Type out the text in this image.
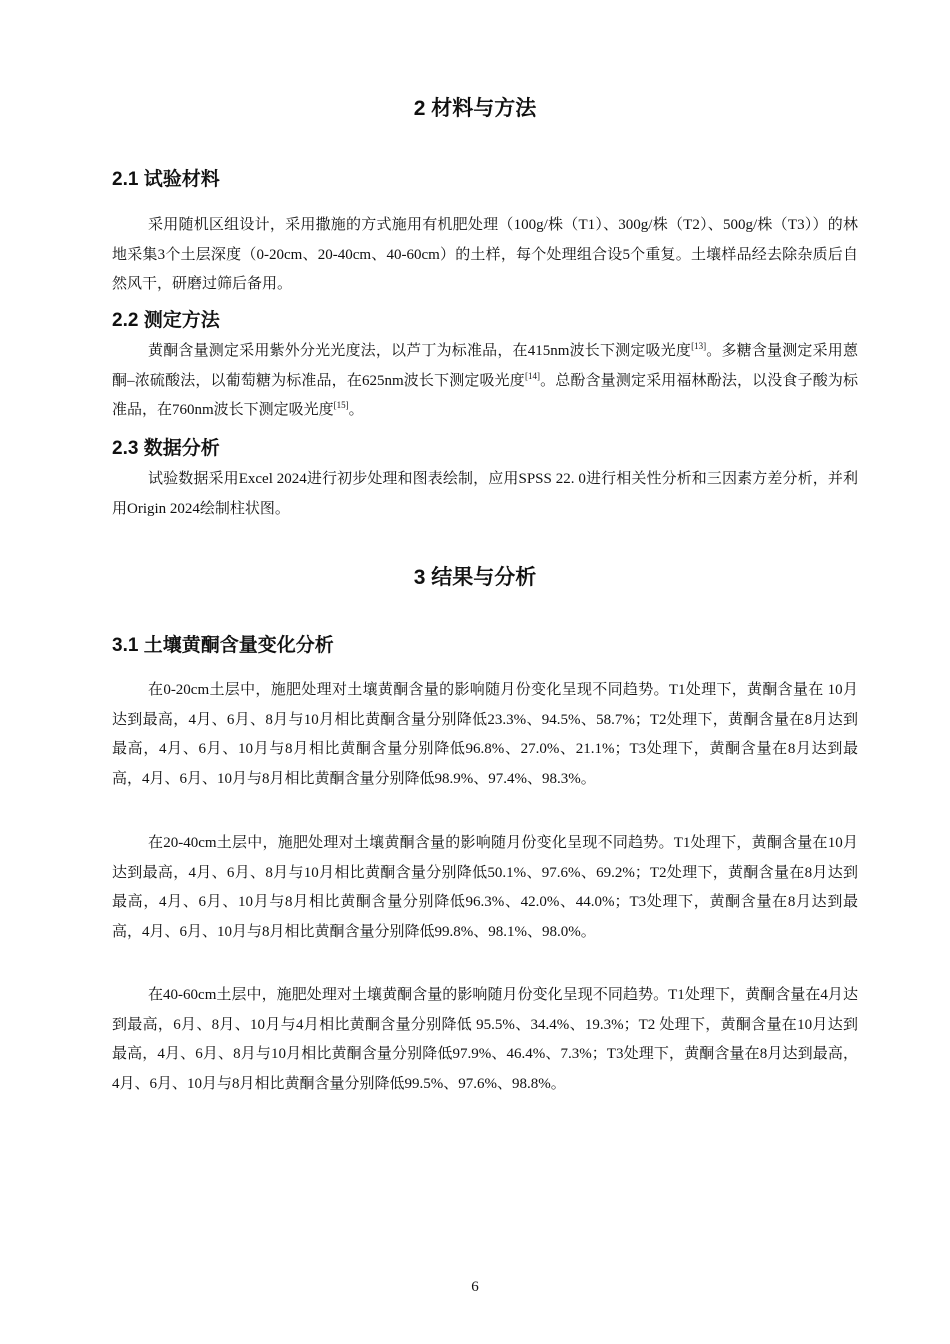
2 材料与方法
2.1 试验材料

采用随机区组设计，采用撒施的方式施用有机肥处理（100g/株（T1）、300g/株（T2）、500g/株（T3））的林地采集3个土层深度（0-20cm、20-40cm、40-60cm）的土样，每个处理组合设5个重复。土壤样品经去除杂质后自然风干，研磨过筛后备用。

2.2 测定方法

黄酮含量测定采用紫外分光光度法，以芦丁为标准品，在415nm波长下测定吸光度[13]。多糖含量测定采用蒽酮–浓硫酸法，以葡萄糖为标准品，在625nm波长下测定吸光度[14]。总酚含量测定采用福林酚法，以没食子酸为标准品，在760nm波长下测定吸光度[15]。

2.3 数据分析

试验数据采用Excel 2024进行初步处理和图表绘制，应用SPSS 22. 0进行相关性分析和三因素方差分析，并利用Origin 2024绘制柱状图。

3 结果与分析
3.1 土壤黄酮含量变化分析

在0-20cm土层中，施肥处理对土壤黄酮含量的影响随月份变化呈现不同趋势。T1处理下，黄酮含量在 10月达到最高，4月、6月、8月与10月相比黄酮含量分别降低23.3%、94.5%、58.7%；T2处理下，黄酮含量在8月达到最高，4月、6月、10月与8月相比黄酮含量分别降低96.8%、27.0%、21.1%；T3处理下，黄酮含量在8月达到最高，4月、6月、10月与8月相比黄酮含量分别降低98.9%、97.4%、98.3%。

在20-40cm土层中，施肥处理对土壤黄酮含量的影响随月份变化呈现不同趋势。T1处理下，黄酮含量在10月达到最高，4月、6月、8月与10月相比黄酮含量分别降低50.1%、97.6%、69.2%；T2处理下，黄酮含量在8月达到最高，4月、6月、10月与8月相比黄酮含量分别降低96.3%、42.0%、44.0%；T3处理下，黄酮含量在8月达到最高，4月、6月、10月与8月相比黄酮含量分别降低99.8%、98.1%、98.0%。

在40-60cm土层中，施肥处理对土壤黄酮含量的影响随月份变化呈现不同趋势。T1处理下，黄酮含量在4月达到最高，6月、8月、10月与4月相比黄酮含量分别降低 95.5%、34.4%、19.3%；T2 处理下，黄酮含量在10月达到最高，4月、6月、8月与10月相比黄酮含量分别降低97.9%、46.4%、7.3%；T3处理下，黄酮含量在8月达到最高，4月、6月、10月与8月相比黄酮含量分别降低99.5%、97.6%、98.8%。

6
